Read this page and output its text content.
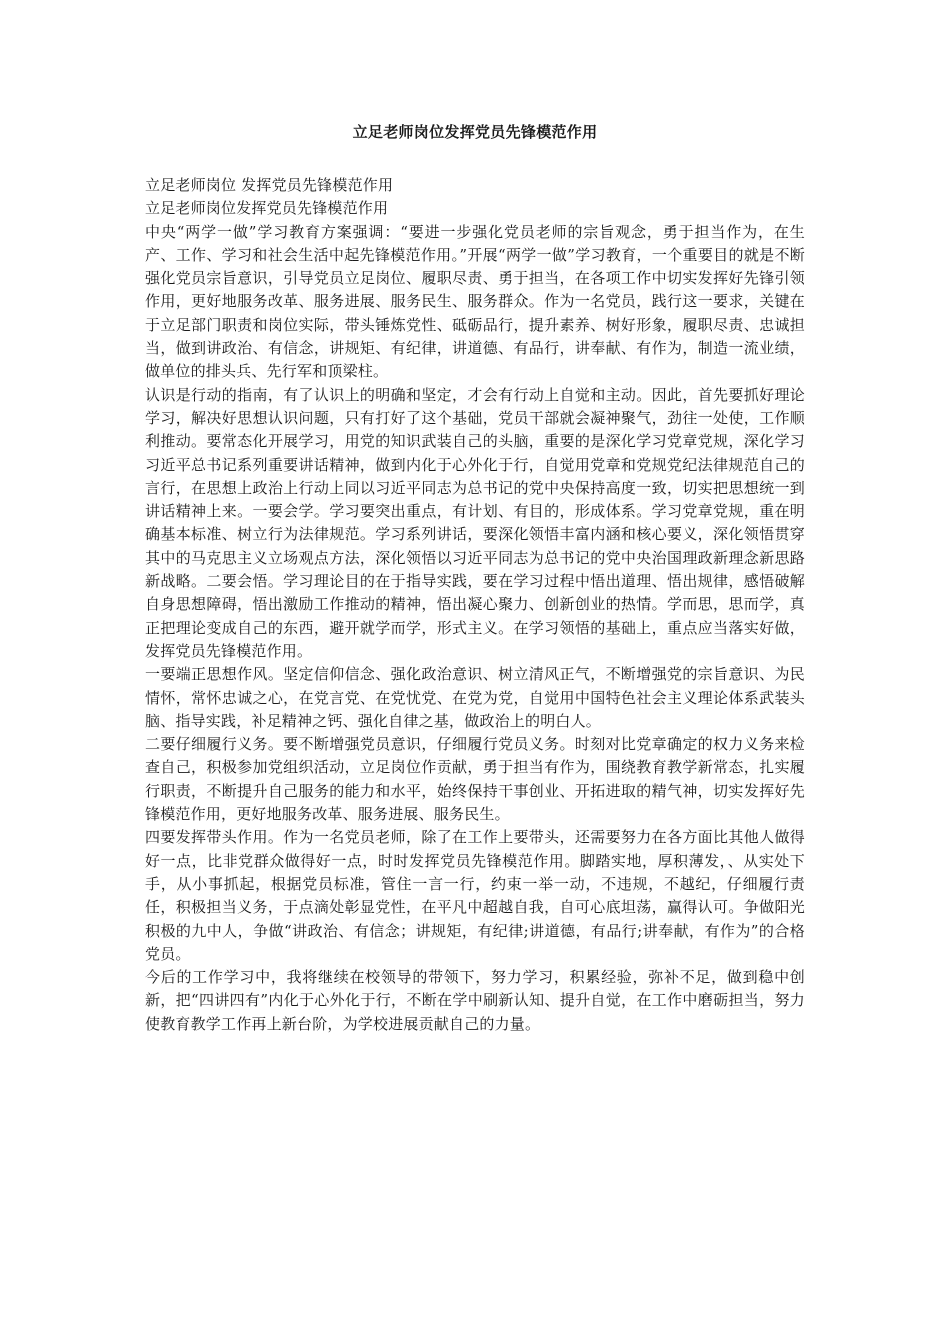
立足老师岗位发挥党员先锋模范作用

立足老师岗位 发挥党员先锋模范作用

立足老师岗位发挥党员先锋模范作用

中央“两学一做”学习教育方案强调：“要进一步强化党员老师的宗旨观念，勇于担当作为，在生产、工作、学习和社会生活中起先锋模范作用。”开展“两学一做”学习教育，一个重要目的就是不断强化党员宗旨意识，引导党员立足岗位、履职尽责、勇于担当，在各项工作中切实发挥好先锋引领作用，更好地服务改革、服务进展、服务民生、服务群众。作为一名党员，践行这一要求，关键在于立足部门职责和岗位实际，带头锤炼党性、砥砺品行，提升素养、树好形象，履职尽责、忠诚担当，做到讲政治、有信念，讲规矩、有纪律，讲道德、有品行，讲奉献、有作为，制造一流业绩，做单位的排头兵、先行军和顶梁柱。

认识是行动的指南，有了认识上的明确和坚定，才会有行动上自觉和主动。因此，首先要抓好理论学习，解决好思想认识问题，只有打好了这个基础，党员干部就会凝神聚气，劲往一处使，工作顺利推动。要常态化开展学习，用党的知识武装自己的头脑，重要的是深化学习党章党规，深化学习习近平总书记系列重要讲话精神，做到内化于心外化于行，自觉用党章和党规党纪法律规范自己的言行，在思想上政治上行动上同以习近平同志为总书记的党中央保持高度一致，切实把思想统一到讲话精神上来。一要会学。学习要突出重点，有计划、有目的，形成体系。学习党章党规，重在明确基本标准、树立行为法律规范。学习系列讲话，要深化领悟丰富内涵和核心要义，深化领悟贯穿其中的马克思主义立场观点方法，深化领悟以习近平同志为总书记的党中央治国理政新理念新思路新战略。二要会悟。学习理论目的在于指导实践，要在学习过程中悟出道理、悟出规律，感悟破解自身思想障碍，悟出激励工作推动的精神，悟出凝心聚力、创新创业的热情。学而思，思而学，真正把理论变成自己的东西，避开就学而学，形式主义。在学习领悟的基础上，重点应当落实好做，发挥党员先锋模范作用。

一要端正思想作风。坚定信仰信念、强化政治意识、树立清风正气，不断增强党的宗旨意识、为民情怀，常怀忠诚之心，在党言党、在党忧党、在党为党，自觉用中国特色社会主义理论体系武装头脑、指导实践，补足精神之钙、强化自律之基，做政治上的明白人。

二要仔细履行义务。要不断增强党员意识，仔细履行党员义务。时刻对比党章确定的权力义务来检查自己，积极参加党组织活动，立足岗位作贡献，勇于担当有作为，围绕教育教学新常态，扎实履行职责，不断提升自己服务的能力和水平，始终保持干事创业、开拓进取的精气神，切实发挥好先锋模范作用，更好地服务改革、服务进展、服务民生。

四要发挥带头作用。作为一名党员老师，除了在工作上要带头，还需要努力在各方面比其他人做得好一点，比非党群众做得好一点，时时发挥党员先锋模范作用。脚踏实地，厚积薄发，、从实处下手，从小事抓起，根据党员标准，管住一言一行，约束一举一动，不违规，不越纪，仔细履行责任，积极担当义务，于点滴处彰显党性，在平凡中超越自我，自可心底坦荡，赢得认可。争做阳光积极的九中人，争做“讲政治、有信念；讲规矩，有纪律;讲道德，有品行;讲奉献，有作为”的合格党员。

今后的工作学习中，我将继续在校领导的带领下，努力学习，积累经验，弥补不足，做到稳中创新，把“四讲四有”内化于心外化于行，不断在学中刷新认知、提升自觉，在工作中磨砺担当，努力使教育教学工作再上新台阶，为学校进展贡献自己的力量。
